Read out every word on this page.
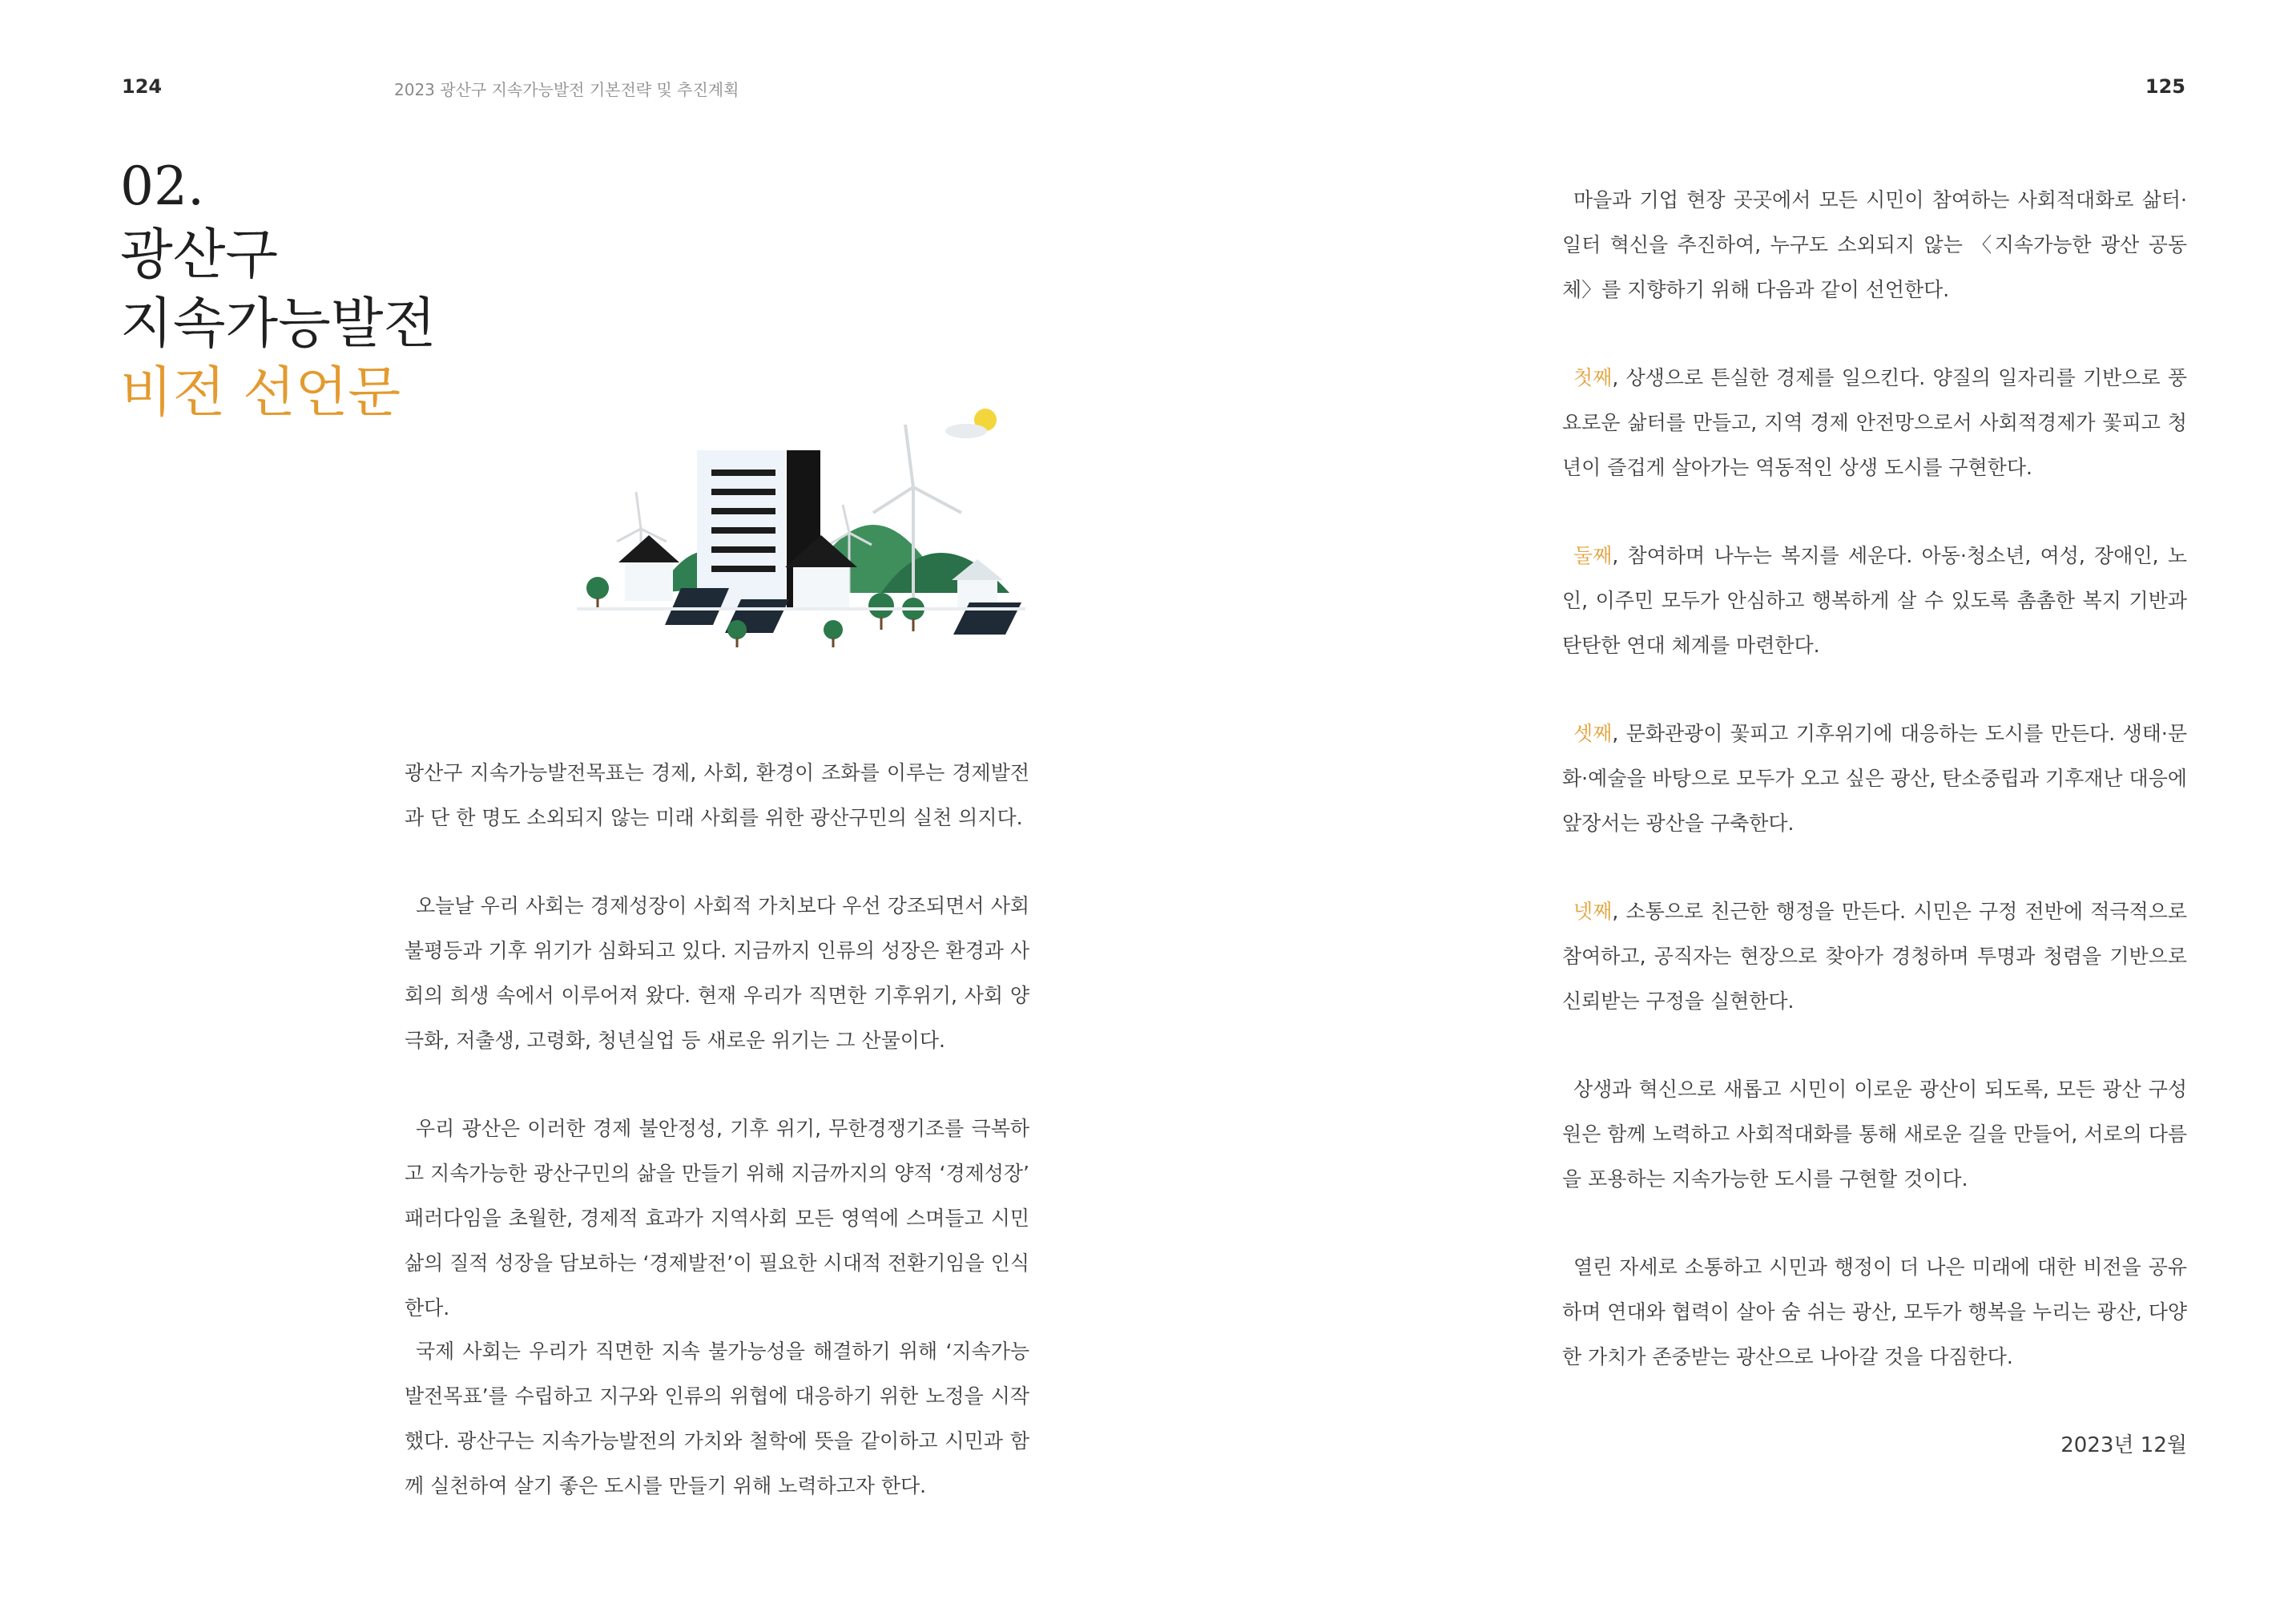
124	2023 광산구 지속가능발전 기본전략 및 추진계획	125
02.
광산구
지속가능발전
비전 선언문

광산구 지속가능발전목표는 경제, 사회, 환경이 조화를 이루는 경제발전과 단 한 명도 소외되지 않는 미래 사회를 위한 광산구민의 실천 의지다.

오늘날 우리 사회는 경제성장이 사회적 가치보다 우선 강조되면서 사회 불평등과 기후 위기가 심화되고 있다. 지금까지 인류의 성장은 환경과 사회의 희생 속에서 이루어져 왔다. 현재 우리가 직면한 기후위기, 사회 양극화, 저출생, 고령화, 청년실업 등 새로운 위기는 그 산물이다.

우리 광산은 이러한 경제 불안정성, 기후 위기, 무한경쟁기조를 극복하고 지속가능한 광산구민의 삶을 만들기 위해 지금까지의 양적 ‘경제성장’ 패러다임을 초월한, 경제적 효과가 지역사회 모든 영역에 스며들고 시민 삶의 질적 성장을 담보하는 ‘경제발전’이 필요한 시대적 전환기임을 인식한다.

국제 사회는 우리가 직면한 지속 불가능성을 해결하기 위해 ‘지속가능발전목표’를 수립하고 지구와 인류의 위협에 대응하기 위한 노정을 시작했다. 광산구는 지속가능발전의 가치와 철학에 뜻을 같이하고 시민과 함께 실천하여 살기 좋은 도시를 만들기 위해 노력하고자 한다.

마을과 기업 현장 곳곳에서 모든 시민이 참여하는 사회적대화로 삶터·일터 혁신을 추진하여, 누구도 소외되지 않는 〈지속가능한 광산 공동체〉를 지향하기 위해 다음과 같이 선언한다.

첫째, 상생으로 튼실한 경제를 일으킨다. 양질의 일자리를 기반으로 풍요로운 삶터를 만들고, 지역 경제 안전망으로서 사회적경제가 꽃피고 청년이 즐겁게 살아가는 역동적인 상생 도시를 구현한다.

둘째, 참여하며 나누는 복지를 세운다. 아동·청소년, 여성, 장애인, 노인, 이주민 모두가 안심하고 행복하게 살 수 있도록 촘촘한 복지 기반과 탄탄한 연대 체계를 마련한다.

셋째, 문화관광이 꽃피고 기후위기에 대응하는 도시를 만든다. 생태·문화·예술을 바탕으로 모두가 오고 싶은 광산, 탄소중립과 기후재난 대응에 앞장서는 광산을 구축한다.

넷째, 소통으로 친근한 행정을 만든다. 시민은 구정 전반에 적극적으로 참여하고, 공직자는 현장으로 찾아가 경청하며 투명과 청렴을 기반으로 신뢰받는 구정을 실현한다.

상생과 혁신으로 새롭고 시민이 이로운 광산이 되도록, 모든 광산 구성원은 함께 노력하고 사회적대화를 통해 새로운 길을 만들어, 서로의 다름을 포용하는 지속가능한 도시를 구현할 것이다.

열린 자세로 소통하고 시민과 행정이 더 나은 미래에 대한 비전을 공유하며 연대와 협력이 살아 숨 쉬는 광산, 모두가 행복을 누리는 광산, 다양한 가치가 존중받는 광산으로 나아갈 것을 다짐한다.

2023년 12월
